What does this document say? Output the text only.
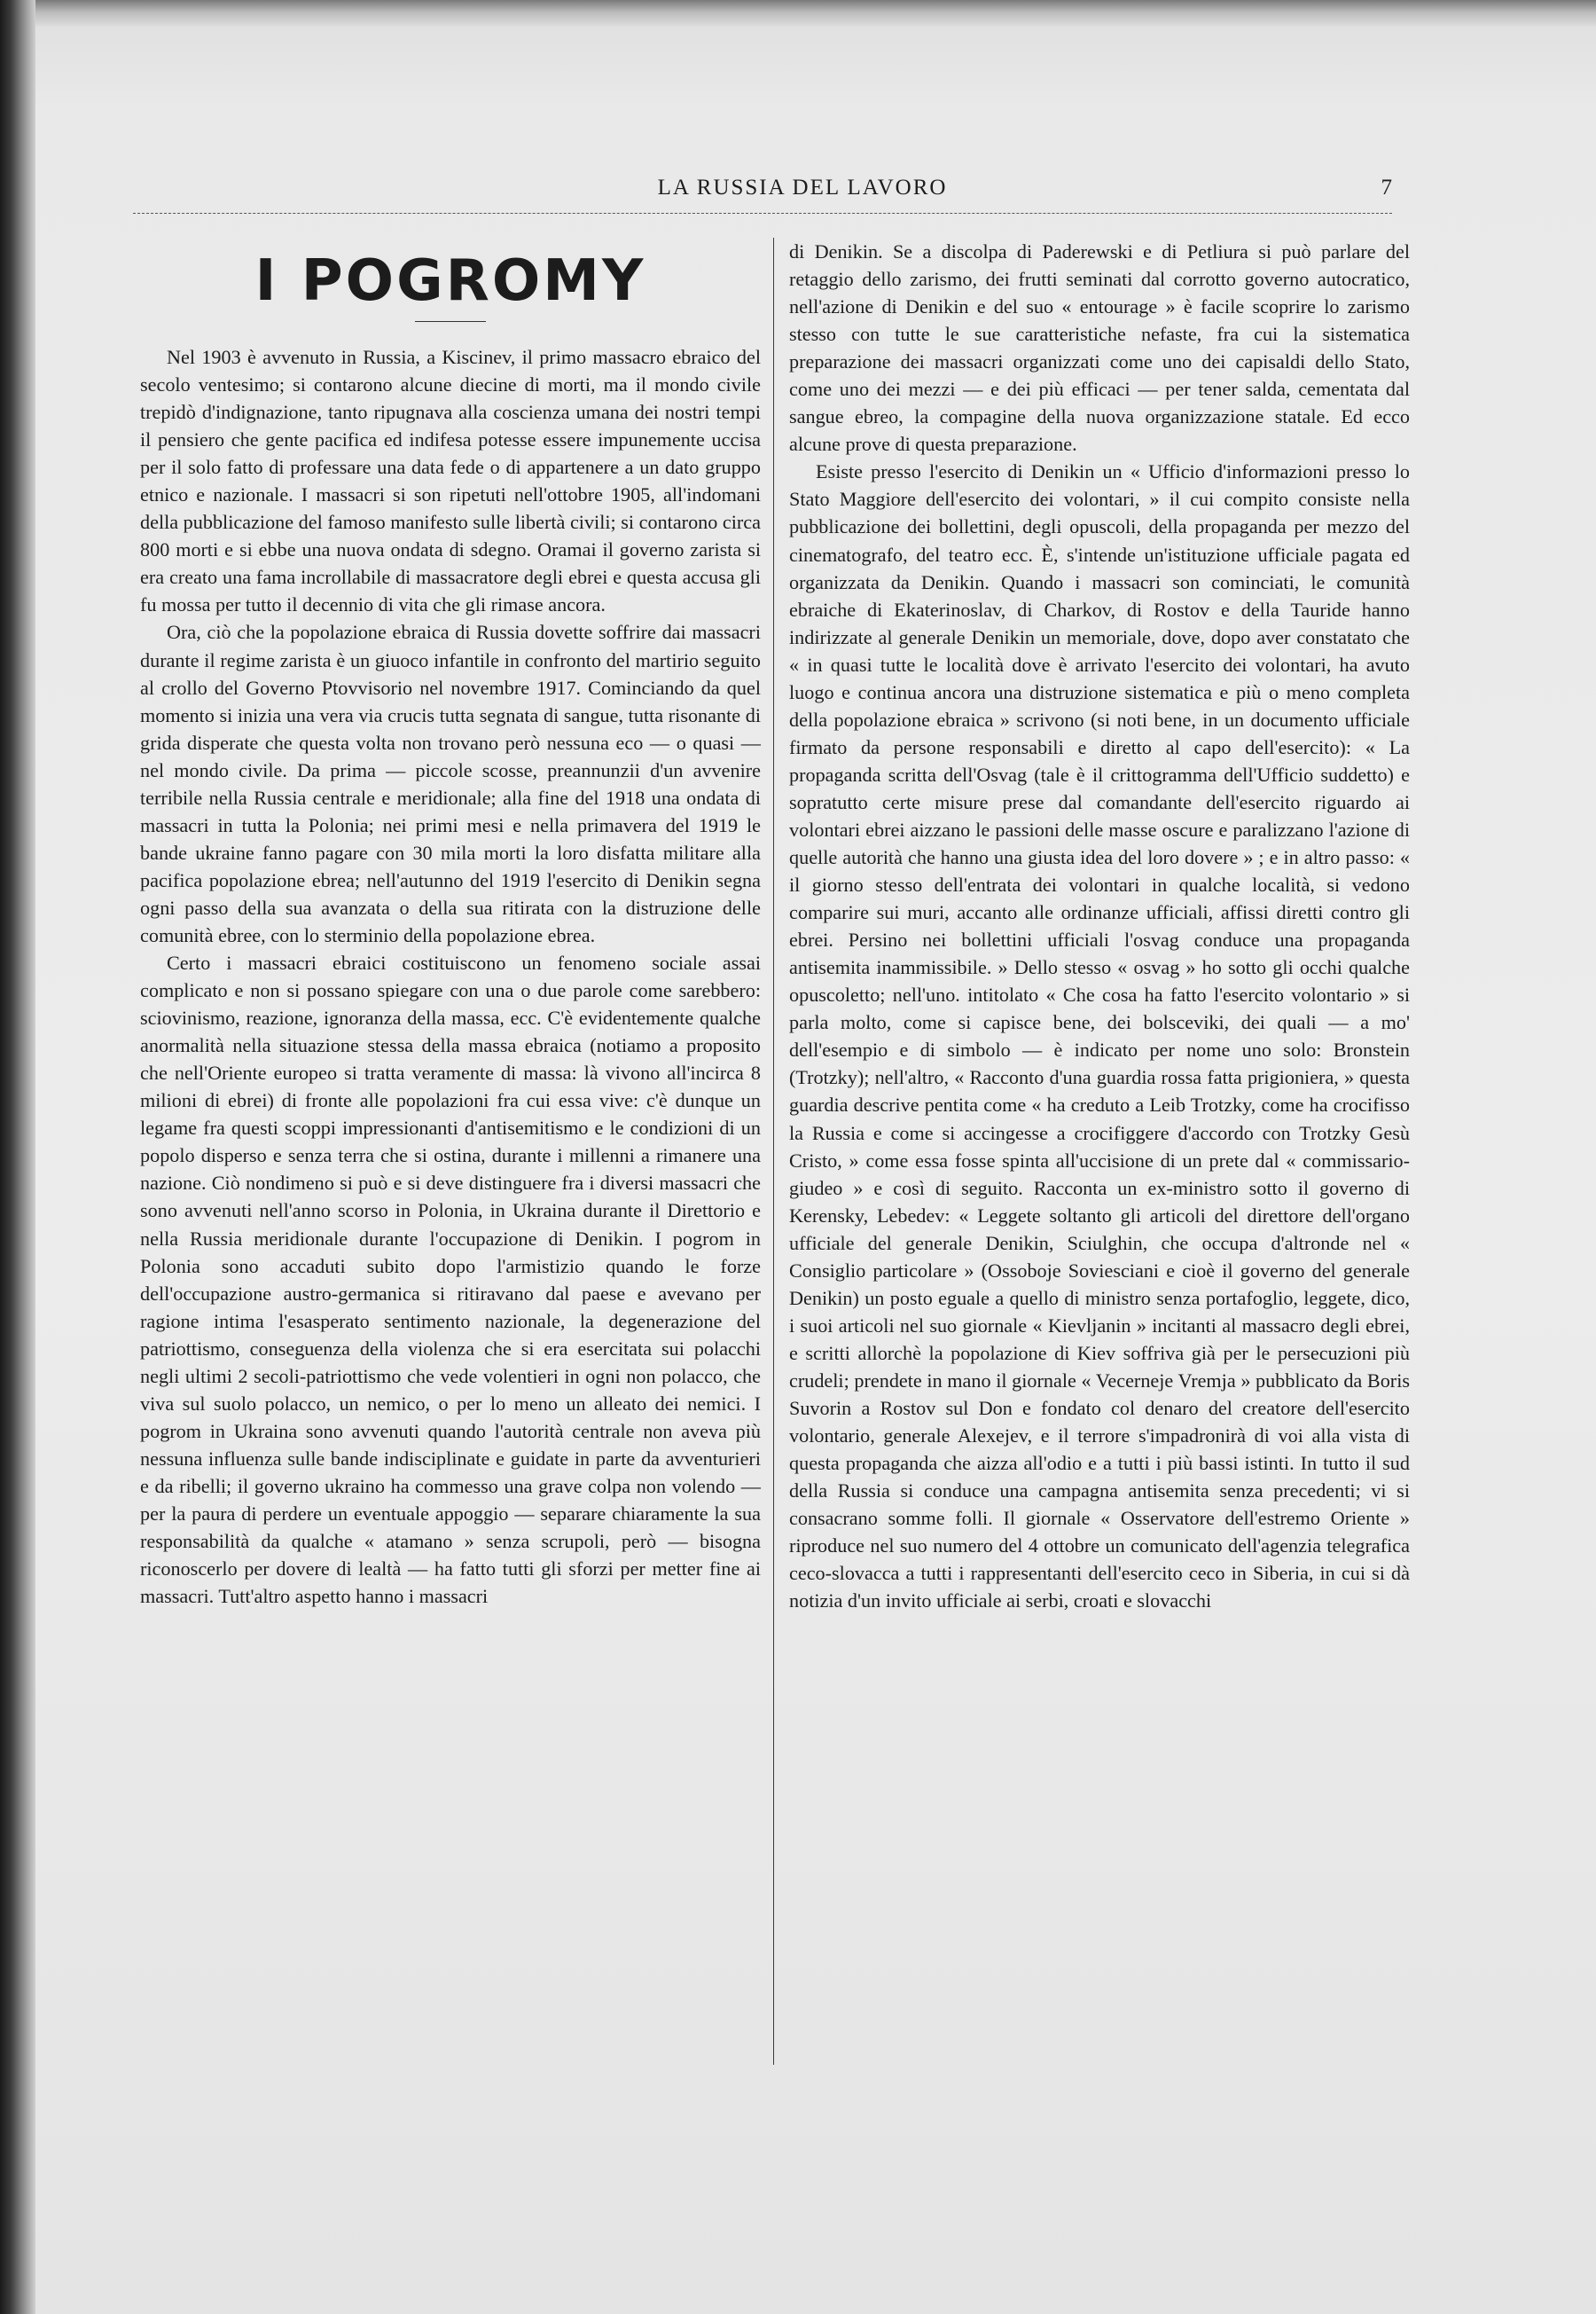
LA RUSSIA DEL LAVORO	7
I POGROMY

Nel 1903 è avvenuto in Russia, a Kiscinev, il primo massacro ebraico del secolo ventesimo; si contarono alcune diecine di morti, ma il mondo civile trepidò d'indignazione, tanto ripugnava alla coscienza umana dei nostri tempi il pensiero che gente pacifica ed indifesa potesse essere impunemente uccisa per il solo fatto di professare una data fede o di appartenere a un dato gruppo etnico e nazionale. I massacri si son ripetuti nell'ottobre 1905, all'indomani della pubblicazione del famoso manifesto sulle libertà civili; si contarono circa 800 morti e si ebbe una nuova ondata di sdegno. Oramai il governo zarista si era creato una fama incrollabile di massacratore degli ebrei e questa accusa gli fu mossa per tutto il decennio di vita che gli rimase ancora.

Ora, ciò che la popolazione ebraica di Russia dovette soffrire dai massacri durante il regime zarista è un giuoco infantile in confronto del martirio seguito al crollo del Governo Ptovvisorio nel novembre 1917. Cominciando da quel momento si inizia una vera via crucis tutta segnata di sangue, tutta risonante di grida disperate che questa volta non trovano però nessuna eco — o quasi — nel mondo civile. Da prima — piccole scosse, preannunzii d'un avvenire terribile nella Russia centrale e meridionale; alla fine del 1918 una ondata di massacri in tutta la Polonia; nei primi mesi e nella primavera del 1919 le bande ukraine fanno pagare con 30 mila morti la loro disfatta militare alla pacifica popolazione ebrea; nell'autunno del 1919 l'esercito di Denikin segna ogni passo della sua avanzata o della sua ritirata con la distruzione delle comunità ebree, con lo sterminio della popolazione ebrea.

Certo i massacri ebraici costituiscono un fenomeno sociale assai complicato e non si possano spiegare con una o due parole come sarebbero: sciovinismo, reazione, ignoranza della massa, ecc. C'è evidentemente qualche anormalità nella situazione stessa della massa ebraica (notiamo a proposito che nell'Oriente europeo si tratta veramente di massa: là vivono all'incirca 8 milioni di ebrei) di fronte alle popolazioni fra cui essa vive: c'è dunque un legame fra questi scoppi impressionanti d'antisemitismo e le condizioni di un popolo disperso e senza terra che si ostina, durante i millenni a rimanere una nazione. Ciò nondimeno si può e si deve distinguere fra i diversi massacri che sono avvenuti nell'anno scorso in Polonia, in Ukraina durante il Direttorio e nella Russia meridionale durante l'occupazione di Denikin. I pogrom in Polonia sono accaduti subito dopo l'armistizio quando le forze dell'occupazione austro-germanica si ritiravano dal paese e avevano per ragione intima l'esasperato sentimento nazionale, la degenerazione del patriottismo, conseguenza della violenza che si era esercitata sui polacchi negli ultimi 2 secoli-patriottismo che vede volentieri in ogni non polacco, che viva sul suolo polacco, un nemico, o per lo meno un alleato dei nemici. I pogrom in Ukraina sono avvenuti quando l'autorità centrale non aveva più nessuna influenza sulle bande indisciplinate e guidate in parte da avventurieri e da ribelli; il governo ukraino ha commesso una grave colpa non volendo — per la paura di perdere un eventuale appoggio — separare chiaramente la sua responsabilità da qualche « atamano » senza scrupoli, però — bisogna riconoscerlo per dovere di lealtà — ha fatto tutti gli sforzi per metter fine ai massacri. Tutt'altro aspetto hanno i massacri

di Denikin. Se a discolpa di Paderewski e di Petliura si può parlare del retaggio dello zarismo, dei frutti seminati dal corrotto governo autocratico, nell'azione di Denikin e del suo « entourage » è facile scoprire lo zarismo stesso con tutte le sue caratteristiche nefaste, fra cui la sistematica preparazione dei massacri organizzati come uno dei capisaldi dello Stato, come uno dei mezzi — e dei più efficaci — per tener salda, cementata dal sangue ebreo, la compagine della nuova organizzazione statale. Ed ecco alcune prove di questa preparazione.

Esiste presso l'esercito di Denikin un « Ufficio d'informazioni presso lo Stato Maggiore dell'esercito dei volontari, » il cui compito consiste nella pubblicazione dei bollettini, degli opuscoli, della propaganda per mezzo del cinematografo, del teatro ecc. È, s'intende un'istituzione ufficiale pagata ed organizzata da Denikin. Quando i massacri son cominciati, le comunità ebraiche di Ekaterinoslav, di Charkov, di Rostov e della Tauride hanno indirizzate al generale Denikin un memoriale, dove, dopo aver constatato che « in quasi tutte le località dove è arrivato l'esercito dei volontari, ha avuto luogo e continua ancora una distruzione sistematica e più o meno completa della popolazione ebraica » scrivono (si noti bene, in un documento ufficiale firmato da persone responsabili e diretto al capo dell'esercito): « La propaganda scritta dell'Osvag (tale è il crittogramma dell'Ufficio suddetto) e sopratutto certe misure prese dal comandante dell'esercito riguardo ai volontari ebrei aizzano le passioni delle masse oscure e paralizzano l'azione di quelle autorità che hanno una giusta idea del loro dovere » ; e in altro passo: « il giorno stesso dell'entrata dei volontari in qualche località, si vedono comparire sui muri, accanto alle ordinanze ufficiali, affissi diretti contro gli ebrei. Persino nei bollettini ufficiali l'osvag conduce una propaganda antisemita inammissibile. » Dello stesso « osvag » ho sotto gli occhi qualche opuscoletto; nell'uno. intitolato « Che cosa ha fatto l'esercito volontario » si parla molto, come si capisce bene, dei bolsceviki, dei quali — a mo' dell'esempio e di simbolo — è indicato per nome uno solo: Bronstein (Trotzky); nell'altro, « Racconto d'una guardia rossa fatta prigioniera, » questa guardia descrive pentita come « ha creduto a Leib Trotzky, come ha crocifisso la Russia e come si accingesse a crocifiggere d'accordo con Trotzky Gesù Cristo, » come essa fosse spinta all'uccisione di un prete dal « commissario-giudeo » e così di seguito. Racconta un ex-ministro sotto il governo di Kerensky, Lebedev: « Leggete soltanto gli articoli del direttore dell'organo ufficiale del generale Denikin, Sciulghin, che occupa d'altronde nel « Consiglio particolare » (Ossoboje Soviesciani e cioè il governo del generale Denikin) un posto eguale a quello di ministro senza portafoglio, leggete, dico, i suoi articoli nel suo giornale « Kievljanin » incitanti al massacro degli ebrei, e scritti allorchè la popolazione di Kiev soffriva già per le persecuzioni più crudeli; prendete in mano il giornale « Vecerneje Vremja » pubblicato da Boris Suvorin a Rostov sul Don e fondato col denaro del creatore dell'esercito volontario, generale Alexejev, e il terrore s'impadronirà di voi alla vista di questa propaganda che aizza all'odio e a tutti i più bassi istinti. In tutto il sud della Russia si conduce una campagna antisemita senza precedenti; vi si consacrano somme folli. Il giornale « Osservatore dell'estremo Oriente » riproduce nel suo numero del 4 ottobre un comunicato dell'agenzia telegrafica ceco-slovacca a tutti i rappresentanti dell'esercito ceco in Siberia, in cui si dà notizia d'un invito ufficiale ai serbi, croati e slovacchi
